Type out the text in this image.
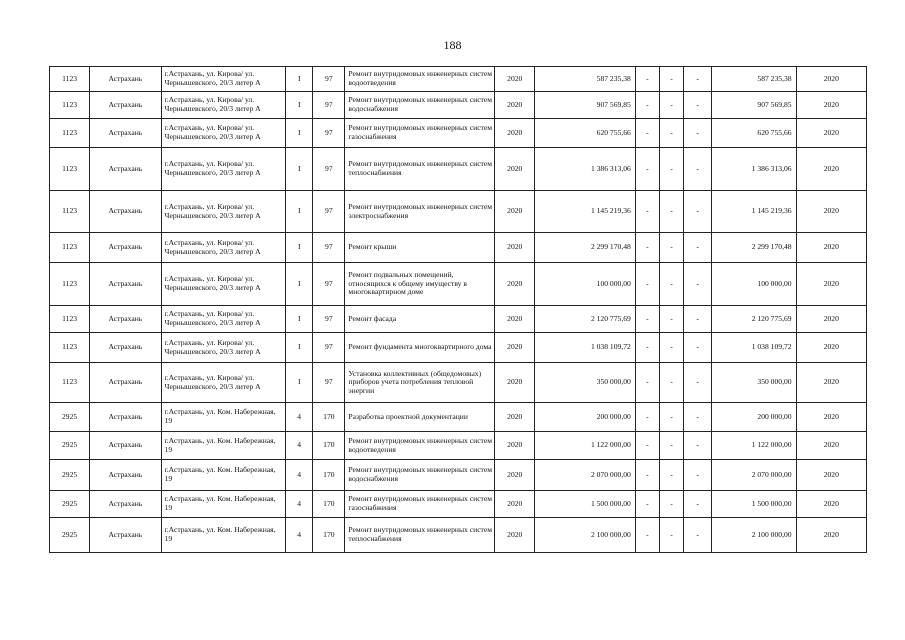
188
1123	Астрахань	г.Астрахань, ул. Кирова/ ул. Чернышевского, 20/3 литер А	I	97	Ремонт внутридомовых инженерных систем водоотведения	2020	587 235,38	-	-	-	587 235,38	2020
1123	Астрахань	г.Астрахань, ул. Кирова/ ул. Чернышевского, 20/3 литер А	I	97	Ремонт внутридомовых инженерных систем водоснабжения	2020	907 569,85	-	-	-	907 569,85	2020
1123	Астрахань	г.Астрахань, ул. Кирова/ ул. Чернышевского, 20/3 литер А	I	97	Ремонт внутридомовых инженерных систем газоснабжения	2020	620 755,66	-	-	-	620 755,66	2020
1123	Астрахань	г.Астрахань, ул. Кирова/ ул. Чернышевского, 20/3 литер А	I	97	Ремонт внутридомовых инженерных систем теплоснабжения	2020	1 386 313,06	-	-	-	1 386 313,06	2020
1123	Астрахань	г.Астрахань, ул. Кирова/ ул. Чернышевского, 20/3 литер А	I	97	Ремонт внутридомовых инженерных систем электроснабжения	2020	1 145 219,36	-	-	-	1 145 219,36	2020
1123	Астрахань	г.Астрахань, ул. Кирова/ ул. Чернышевского, 20/3 литер А	I	97	Ремонт крыши	2020	2 299 170,48	-	-	-	2 299 170,48	2020
1123	Астрахань	г.Астрахань, ул. Кирова/ ул. Чернышевского, 20/3 литер А	I	97	Ремонт подвальных помещений, относящихся к общему имуществу в многоквартирном доме	2020	100 000,00	-	-	-	100 000,00	2020
1123	Астрахань	г.Астрахань, ул. Кирова/ ул. Чернышевского, 20/3 литер А	I	97	Ремонт фасада	2020	2 120 775,69	-	-	-	2 120 775,69	2020
1123	Астрахань	г.Астрахань, ул. Кирова/ ул. Чернышевского, 20/3 литер А	I	97	Ремонт фундамента многоквартирного дома	2020	1 038 109,72	-	-	-	1 038 109,72	2020
1123	Астрахань	г.Астрахань, ул. Кирова/ ул. Чернышевского, 20/3 литер А	I	97	Установка коллективных (общедомовых) приборов учета потребления тепловой энергии	2020	350 000,00	-	-	-	350 000,00	2020
2925	Астрахань	г.Астрахань, ул. Ком. Набережная, 19	4	170	Разработка проектной документации	2020	200 000,00	-	-	-	200 000,00	2020
2925	Астрахань	г.Астрахань, ул. Ком. Набережная, 19	4	170	Ремонт внутридомовых инженерных систем водоотведения	2020	1 122 000,00	-	-	-	1 122 000,00	2020
2925	Астрахань	г.Астрахань, ул. Ком. Набережная, 19	4	170	Ремонт внутридомовых инженерных систем водоснабжения	2020	2 070 000,00	-	-	-	2 070 000,00	2020
2925	Астрахань	г.Астрахань, ул. Ком. Набережная, 19	4	170	Ремонт внутридомовых инженерных систем газоснабжения	2020	1 500 000,00	-	-	-	1 500 000,00	2020
2925	Астрахань	г.Астрахань, ул. Ком. Набережная, 19	4	170	Ремонт внутридомовых инженерных систем теплоснабжения	2020	2 100 000,00	-	-	-	2 100 000,00	2020
